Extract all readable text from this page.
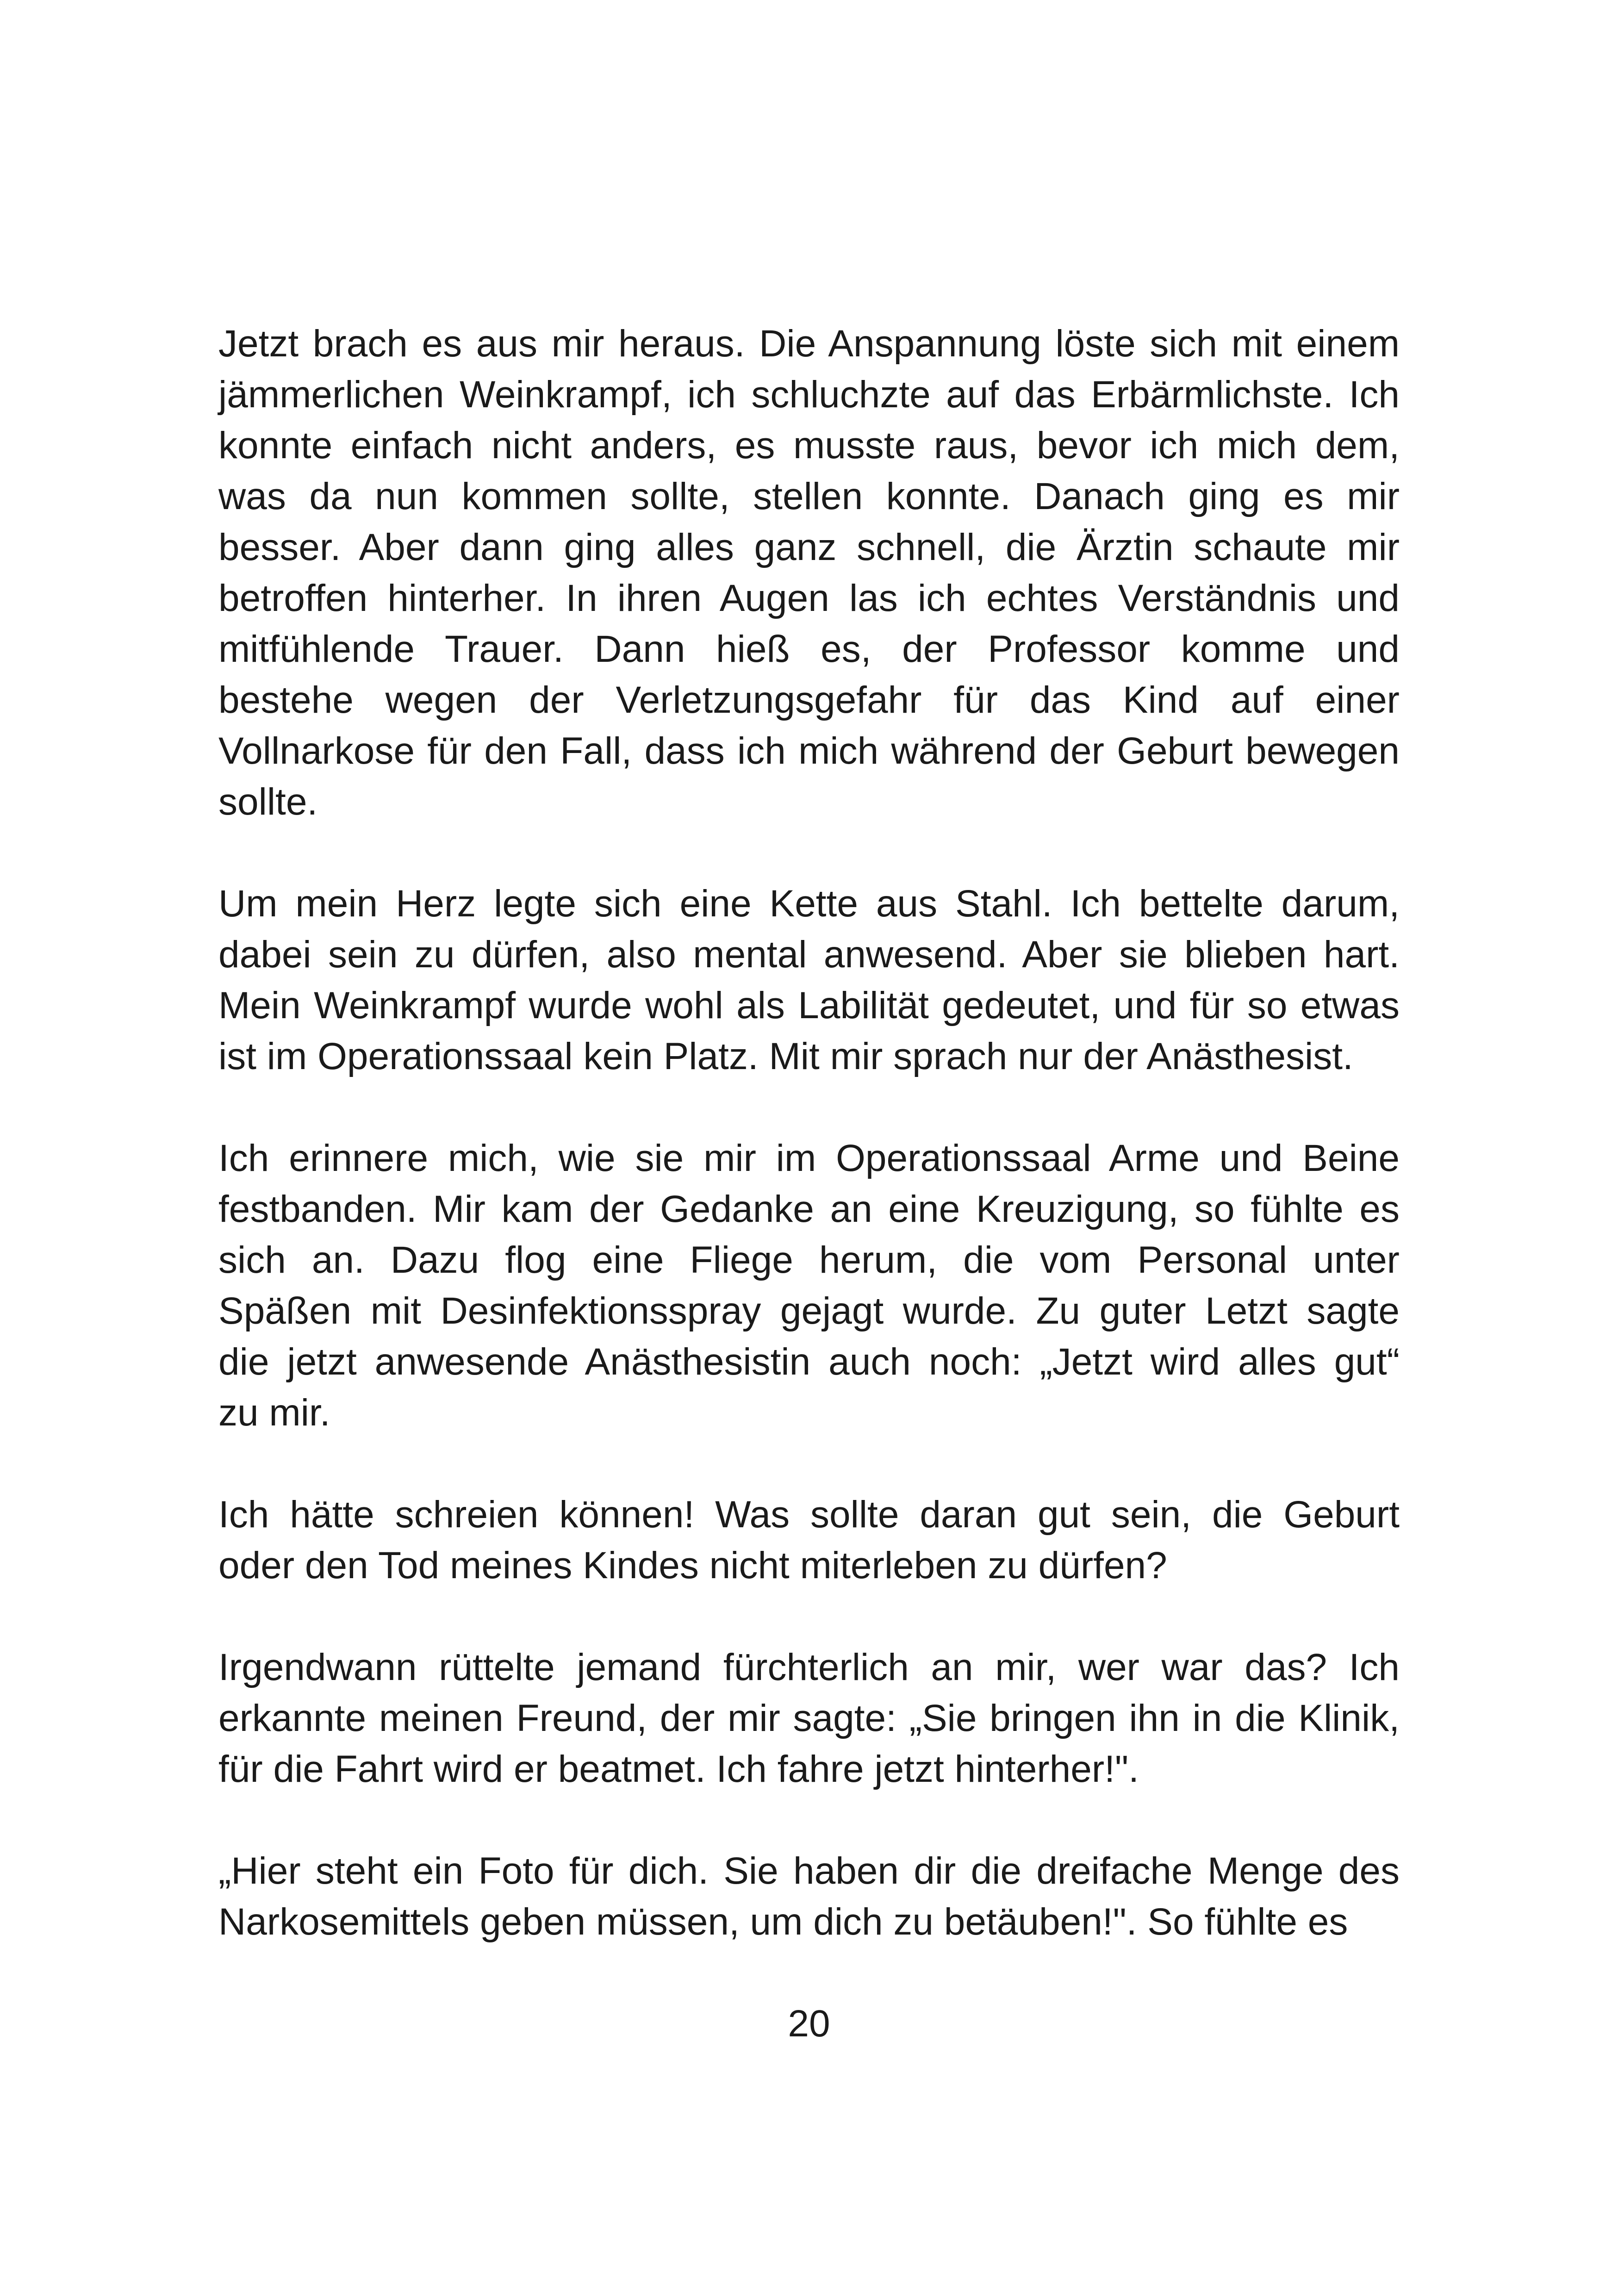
Jetzt brach es aus mir heraus. Die Anspannung löste sich mit einem
jämmerlichen Weinkrampf, ich schluchzte auf das Erbärmlichste. Ich
konnte einfach nicht anders, es musste raus, bevor ich mich dem,
was da nun kommen sollte, stellen konnte. Danach ging es mir
besser. Aber dann ging alles ganz schnell, die Ärztin schaute mir
betroffen hinterher. In ihren Augen las ich echtes Verständnis und
mitfühlende Trauer. Dann hieß es, der Professor komme und
bestehe wegen der Verletzungsgefahr für das Kind auf einer
Vollnarkose für den Fall, dass ich mich während der Geburt bewegen
sollte.
Um mein Herz legte sich eine Kette aus Stahl. Ich bettelte darum,
dabei sein zu dürfen, also mental anwesend. Aber sie blieben hart.
Mein Weinkrampf wurde wohl als Labilität gedeutet, und für so etwas
ist im Operationssaal kein Platz. Mit mir sprach nur der Anästhesist.
Ich erinnere mich, wie sie mir im Operationssaal Arme und Beine
festbanden. Mir kam der Gedanke an eine Kreuzigung, so fühlte es
sich an. Dazu flog eine Fliege herum, die vom Personal unter
Späßen mit Desinfektionsspray gejagt wurde. Zu guter Letzt sagte
die jetzt anwesende Anästhesistin auch noch: „Jetzt wird alles gut“
zu mir.
Ich hätte schreien können! Was sollte daran gut sein, die Geburt
oder den Tod meines Kindes nicht miterleben zu dürfen?
Irgendwann rüttelte jemand fürchterlich an mir, wer war das? Ich
erkannte meinen Freund, der mir sagte: „Sie bringen ihn in die Klinik,
für die Fahrt wird er beatmet. Ich fahre jetzt hinterher!".
„Hier steht ein Foto für dich. Sie haben dir die dreifache Menge des
Narkosemittels geben müssen, um dich zu betäuben!". So fühlte es
20
